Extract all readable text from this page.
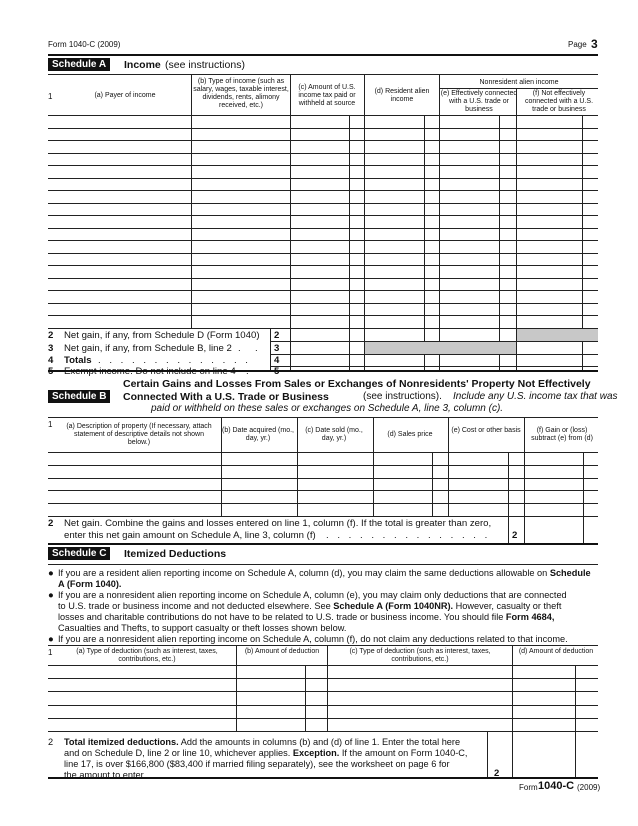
Form 1040-C (2009)	Page 3
Schedule A	Income (see instructions)
1	(a) Payer of income
(b) Type of income (such as salary, wages, taxable interest, dividends, rents, alimony received, etc.)
(c) Amount of U.S. income tax paid or withheld at source
(d) Resident alien income
Nonresident alien income
(e) Effectively connected with a U.S. trade or business
(f) Not effectively connected with a U.S. trade or business
2 Net gain, if any, from Schedule D (Form 1040) 2
3 Net gain, if any, from Schedule B, line 2 .  . 3
4 Totals . . . . . . . . . . . . . . 4
5 Exempt income. Do not include on line 4 .	5
Schedule B
Certain Gains and Losses From Sales or Exchanges of Nonresidents' Property Not Effectively
Connected With a U.S. Trade or Business	(see instructions). Include any U.S. income tax that was
paid or withheld on these sales or exchanges on Schedule A, line 3, column (c).
1	(a) Description of property (If necessary, attach statement of descriptive details not shown below.)
(b) Date acquired (mo., day, yr.)
(c) Date sold (mo., day, yr.)
(d) Sales price
(e) Cost or other basis	(f) Gain or (loss) subtract (e) from (d)
2 Net gain. Combine the gains and losses entered on line 1, column (f). If the total is greater than zero,
enter this net gain amount on Schedule A, line 3, column (f) . . . . . . . . . . . . . . . 2
Schedule C	Itemized Deductions
● If you are a resident alien reporting income on Schedule A, column (d), you may claim the same deductions allowable on Schedule
A (Form 1040).
● If you are a nonresident alien reporting income on Schedule A, column (e), you may claim only deductions that are connected
to U.S. trade or business income and not deducted elsewhere. See Schedule A (Form 1040NR). However, casualty or theft
losses and charitable contributions do not have to be related to U.S. trade or business income. You should file Form 4684,
Casualties and Thefts, to support casualty or theft losses shown below.
● If you are a nonresident alien reporting income on Schedule A, column (f), do not claim any deductions related to that income.
1	(a) Type of deduction (such as interest, taxes, contributions, etc.)
(b) Amount of deduction	(c) Type of deduction (such as interest, taxes, contributions, etc.)
(d) Amount of deduction
2 Total itemized deductions. Add the amounts in columns (b) and (d) of line 1. Enter the total here
and on Schedule D, line 2 or line 10, whichever applies. Exception. If the amount on Form 1040-C,
line 17, is over $166,800 ($83,400 if married filing separately), see the worksheet on page 6 for
the amount to enter  . . . . . . . . . . . . . . . . . . . . . . . . . . .	2
Form 1040-C (2009)
